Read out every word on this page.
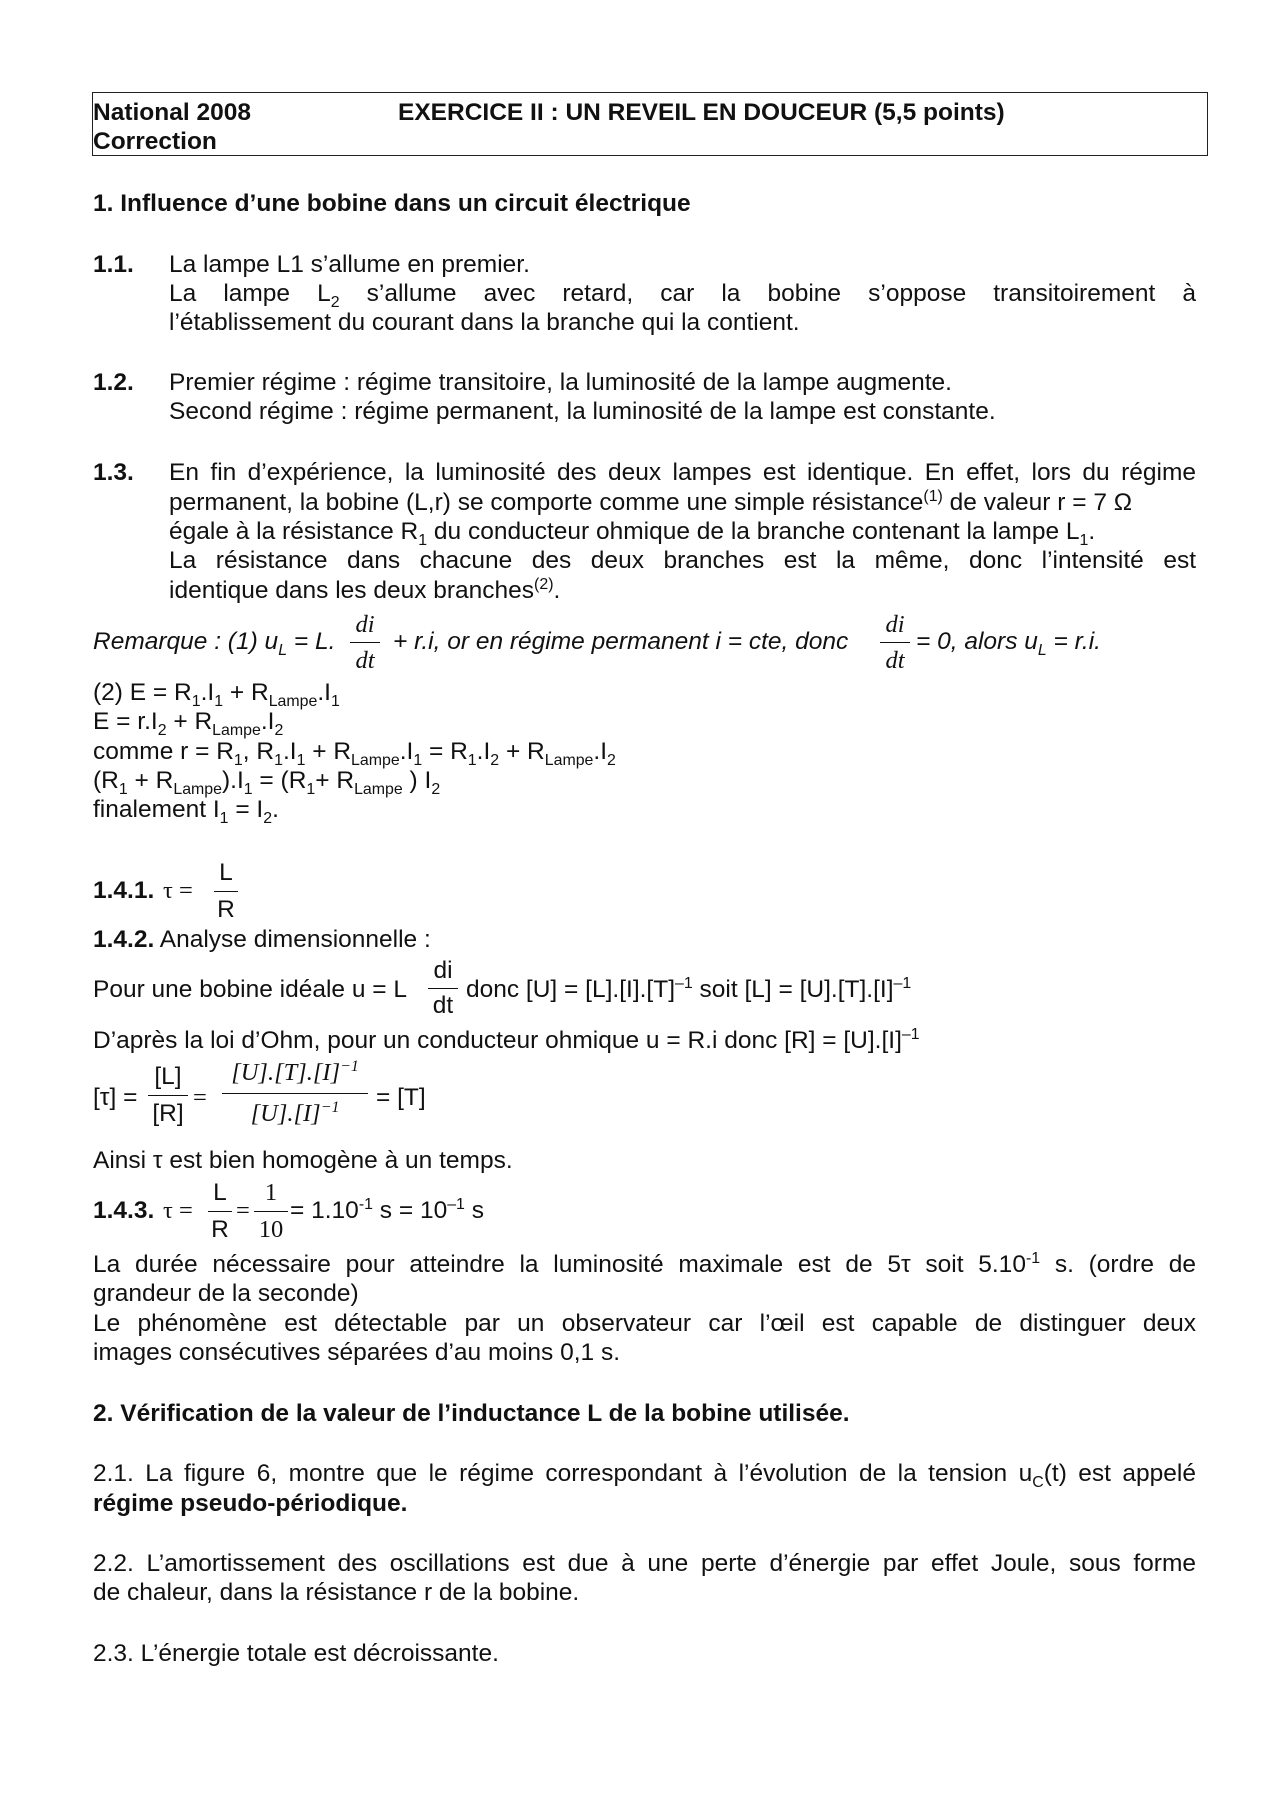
National 2008
Correction
EXERCICE II : UN REVEIL EN DOUCEUR (5,5 points)
1. Influence d’une bobine dans un circuit électrique
1.1. La lampe L1 s’allume en premier.
La lampe $L_2$ s’allume avec retard, car la bobine s’oppose transitoirement à
l’établissement du courant dans la branche qui la contient.
1.2. Premier régime : régime transitoire, la luminosité de la lampe augmente.
Second régime : régime permanent, la luminosité de la lampe est constante.
1.3. En fin d’expérience, la luminosité des deux lampes est identique. En effet, lors du régime
permanent, la bobine (L,r) se comporte comme une simple résistance$^{(1)}$ de valeur r = 7 Ω
égale à la résistance $R_1$ du conducteur ohmique de la branche contenant la lampe $L_1$.
La résistance dans chacune des deux branches est la même, donc l’intensité est
identique dans les deux branches$^{(2)}$.
Remarque : (1) $u_L = L$.
di
dt
+ r.i, or en régime permanent i = cte, donc
di
dt
= 0, alors $u_L = r.i$.
(2) $E = R_1.I_1 + R_{Lampe}.I_1$
$E = r.I_2 + R_{Lampe}.I_2$
comme $r = R_1$, $R_1.I_1 + R_{Lampe}.I_1 = R_1.I_2 + R_{Lampe}.I_2$
$(R_1 + R_{Lampe}).I_1 = (R_1+ R_{Lampe}$ ) $I_2$
finalement $I_1 = I_2$.
1.4.1. τ =
L
R
1.4.2. Analyse dimensionnelle :
Pour une bobine idéale u = L
di
dt
donc $[U] = [L].[I].[T]^{-1}$ soit $[L] = [U].[T].[I]^{-1}$
D’après la loi d’Ohm, pour un conducteur ohmique u = R.i donc $[R] = [U].[I]^{-1}$
[τ] =
[L]
[R]
=
$[U].[T].[I]^{-1}$
$[U].[I]^{-1}$	= [T]
Ainsi τ est bien homogène à un temps.
1.4.3. τ =
L
R
=
1
10
= $1.10^{-1}$ $s = 10^{-1}$ s
La durée nécessaire pour atteindre la luminosité maximale est de 5τ soit $5.10^{-1}$ s. (ordre de
grandeur de la seconde)
Le phénomène est détectable par un observateur car l’œil est capable de distinguer deux
images consécutives séparées d’au moins 0,1 s.
2. Vérification de la valeur de l’inductance L de la bobine utilisée.
2.1. La figure 6, montre que le régime correspondant à l’évolution de la tension $u_C(t)$ est appelé
régime pseudo-périodique.
2.2. L’amortissement des oscillations est due à une perte d’énergie par effet Joule, sous forme
de chaleur, dans la résistance r de la bobine.
2.3. L’énergie totale est décroissante.
